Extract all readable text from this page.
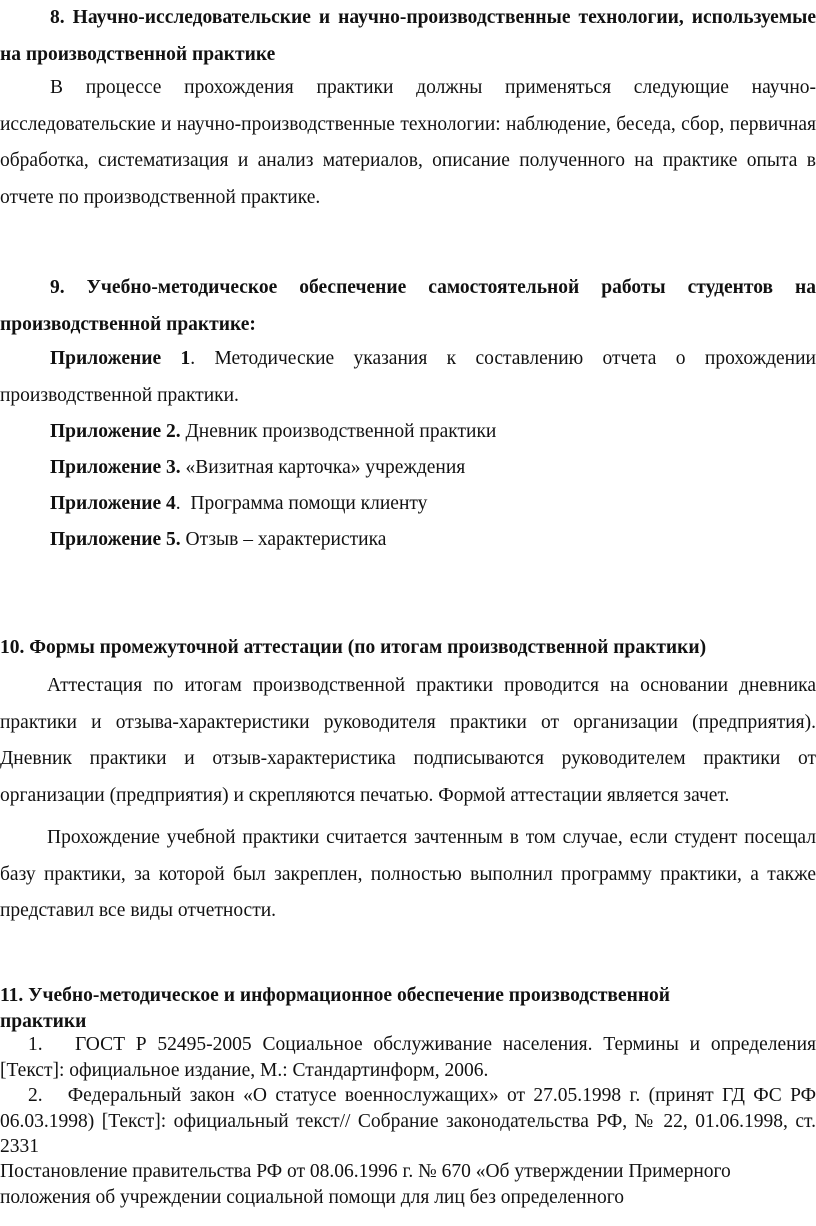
8. Научно-исследовательские и научно-производственные технологии, используемые на производственной практике

В процессе прохождения практики должны применяться следующие научно-исследовательские и научно-производственные технологии: наблюдение, беседа, сбор, первичная обработка, систематизация и анализ материалов, описание полученного на практике опыта в отчете по производственной практике.

9. Учебно-методическое обеспечение самостоятельной работы студентов на производственной практике:

Приложение 1. Методические указания к составлению отчета о прохождении производственной практики.

Приложение 2. Дневник производственной практики

Приложение 3. «Визитная карточка» учреждения

Приложение 4.  Программа помощи клиенту

Приложение 5. Отзыв – характеристика

10. Формы промежуточной аттестации (по итогам производственной практики)

Аттестация по итогам производственной практики проводится на основании дневника практики и отзыва-характеристики руководителя практики от организации (предприятия). Дневник практики и отзыв-характеристика подписываются руководителем практики от организации (предприятия) и скрепляются печатью. Формой аттестации является зачет.

Прохождение учебной практики считается зачтенным в том случае, если студент посещал базу практики, за которой был закреплен, полностью выполнил программу практики, а также представил все виды отчетности.

11. Учебно-методическое и информационное обеспечение производственной практики

1. ГОСТ Р 52495-2005 Социальное обслуживание населения. Термины и определения [Текст]: официальное издание, М.: Стандартинформ, 2006.

2. Федеральный закон «О статусе военнослужащих» от 27.05.1998 г. (принят ГД ФС РФ 06.03.1998) [Текст]: официальный текст// Собрание законодательства РФ, № 22, 01.06.1998, ст. 2331

Постановление правительства РФ от 08.06.1996 г. № 670 «Об утверждении Примерного положения об учреждении социальной помощи для лиц без определенного
